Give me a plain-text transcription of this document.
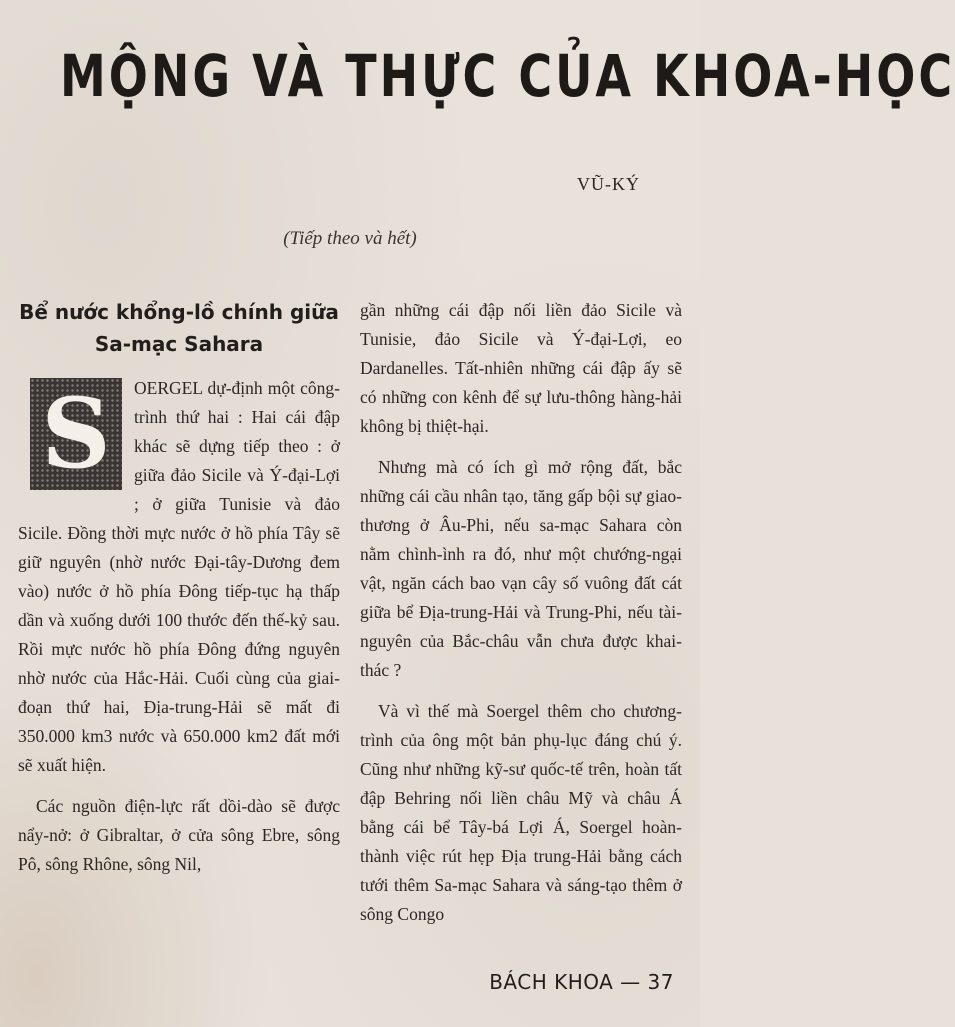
MỘNG VÀ THỰC CỦA KHOA-HỌC
VŨ-KÝ
(Tiếp theo và hết)
Bể nước khổng-lồ chính giữa Sa-mạc Sahara

S OERGEL dự-định một công-trình thứ hai : Hai cái đập khác sẽ dựng tiếp theo : ở giữa đảo Sicile và Ý-đại-Lợi ; ở giữa Tunisie và đảo Sicile. Đồng thời mực nước ở hồ phía Tây sẽ giữ nguyên (nhờ nước Đại-tây-Dương đem vào) nước ở hồ phía Đông tiếp-tục hạ thấp dần và xuống dưới 100 thước đến thế-kỷ sau. Rồi mực nước hồ phía Đông đứng nguyên nhờ nước của Hắc-Hải. Cuối cùng của giai-đoạn thứ hai, Địa-trung-Hải sẽ mất đi 350.000 km3 nước và 650.000 km2 đất mới sẽ xuất hiện.

Các nguồn điện-lực rất dồi-dào sẽ được nẩy-nở: ở Gibraltar, ở cửa sông Ebre, sông Pô, sông Rhône, sông Nil,

gần những cái đập nối liền đảo Sicile và Tunisie, đảo Sicile và Ý-đại-Lợi, eo Dardanelles. Tất-nhiên những cái đập ấy sẽ có những con kênh để sự lưu-thông hàng-hải không bị thiệt-hại.

Nhưng mà có ích gì mở rộng đất, bắc những cái cầu nhân tạo, tăng gấp bội sự giao-thương ở Âu-Phi, nếu sa-mạc Sahara còn nằm chình-ình ra đó, như một chướng-ngại vật, ngăn cách bao vạn cây số vuông đất cát giữa bể Địa-trung-Hải và Trung-Phi, nếu tài-nguyên của Bắc-châu vẫn chưa được khai-thác ?

Và vì thế mà Soergel thêm cho chương-trình của ông một bản phụ-lục đáng chú ý. Cũng như những kỹ-sư quốc-tế trên, hoàn tất đập Behring nối liền châu Mỹ và châu Á bằng cái bể Tây-bá Lợi Á, Soergel hoàn-thành việc rút hẹp Địa trung-Hải bằng cách tưới thêm Sa-mạc Sahara và sáng-tạo thêm ở sông Congo

BÁCH KHOA — 37
